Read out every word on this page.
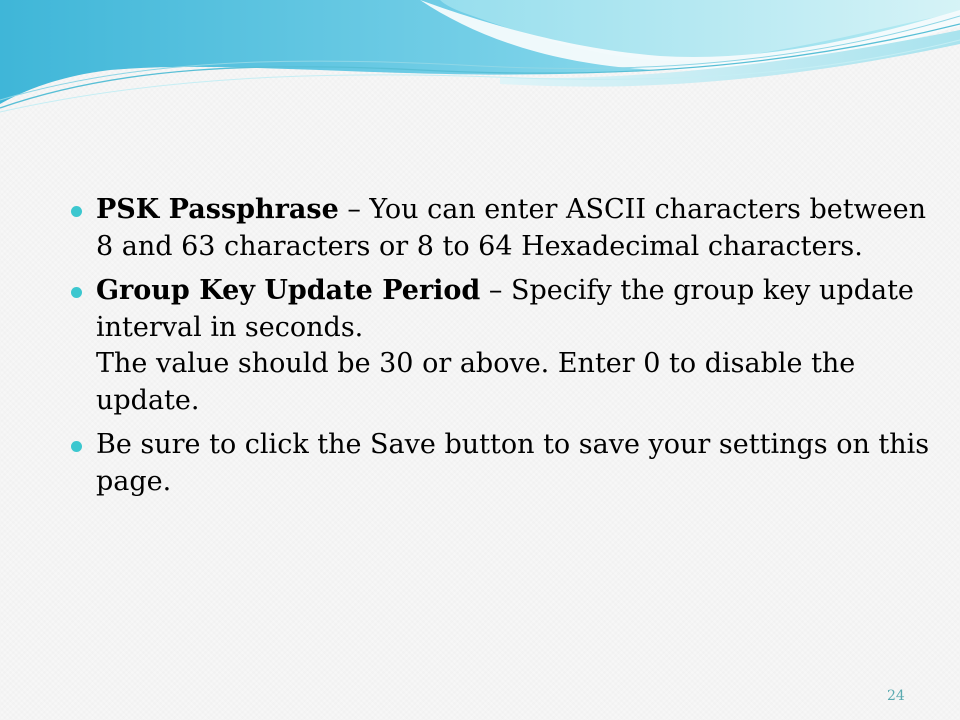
PSK Passphrase – You can enter ASCII characters between 8 and 63 characters or 8 to 64 Hexadecimal characters.
Group Key Update Period – Specify the group key update interval in seconds.
The value should be 30 or above. Enter 0 to disable the update.
Be sure to click the Save button to save your settings on this page.
24
